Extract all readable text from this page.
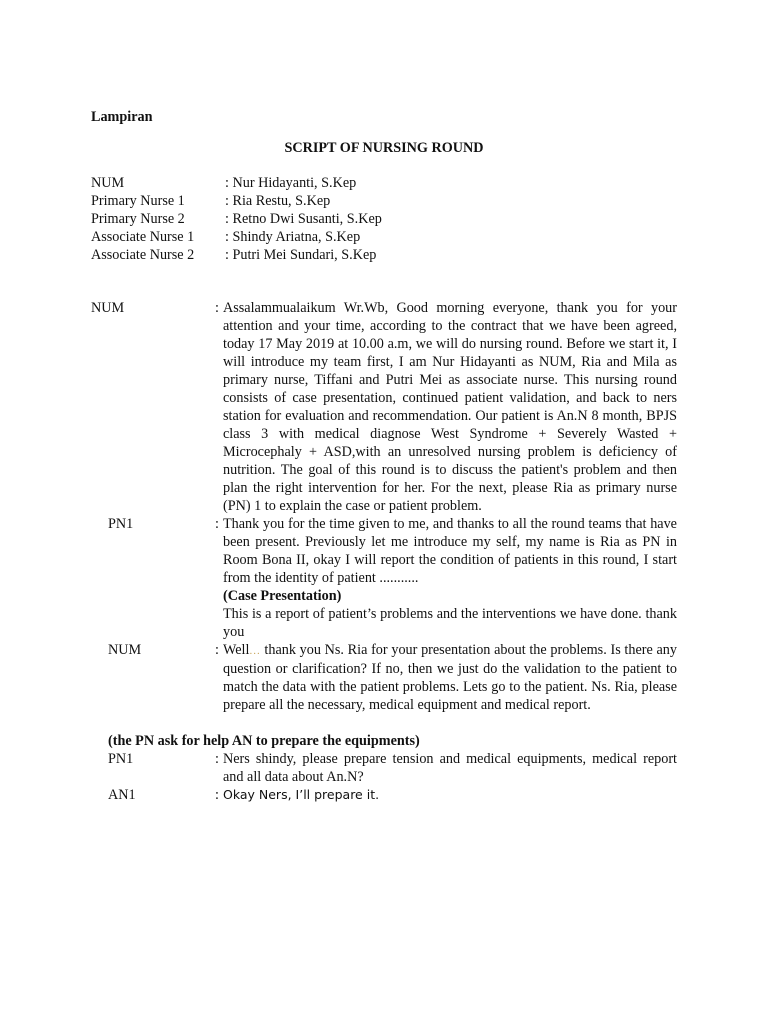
Lampiran
SCRIPT OF NURSING ROUND
NUM	: Nur Hidayanti, S.Kep
Primary Nurse 1	: Ria Restu, S.Kep
Primary Nurse 2	: Retno Dwi Susanti, S.Kep
Associate Nurse 1 : Shindy Ariatna, S.Kep
Associate Nurse 2 : Putri Mei Sundari, S.Kep
NUM	: Assalammualaikum Wr.Wb, Good morning everyone, thank you for your attention and your time, according to the contract that we have been agreed, today 17 May 2019 at 10.00 a.m, we will do nursing round. Before we start it, I will introduce my team first, I am Nur Hidayanti as NUM, Ria and Mila as primary nurse, Tiffani and Putri Mei as associate nurse. This nursing round consists of case presentation, continued patient validation, and back to ners station for evaluation and recommendation. Our patient is An.N 8 month, BPJS class 3 with medical diagnose West Syndrome + Severely Wasted + Microcephaly + ASD,with an unresolved nursing problem is deficiency of nutrition. The goal of this round is to discuss the patient's problem and then plan the right intervention for her. For the next, please Ria as primary nurse (PN) 1 to explain the case or patient problem.
PN1	: Thank you for the time given to me, and thanks to all the round teams that have been present. Previously let me introduce my self, my name is Ria as PN in Room Bona II, okay I will report the condition of patients in this round, I start from the identity of patient ...........
(Case Presentation)
This is a report of patient’s problems and the interventions we have done. thank you
NUM	: Well... thank you Ns. Ria for your presentation about the problems. Is there any question or clarification? If no, then we just do the validation to the patient to match the data with the patient problems. Lets go to the patient. Ns. Ria, please prepare all the necessary, medical equipment and medical report.
(the PN ask for help AN to prepare the equipments)
PN1	: Ners shindy, please prepare tension and medical equipments, medical report and all data about An.N?
AN1	: Okay Ners, I’ll prepare it.
